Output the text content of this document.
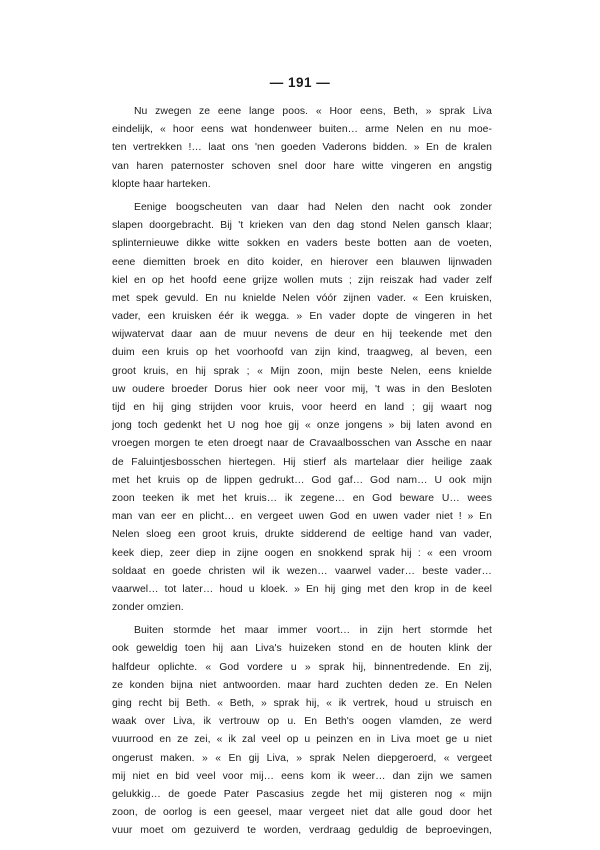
— 191 —
Nu zwegen ze eene lange poos. « Hoor eens, Beth, » sprak Liva
eindelijk, « hoor eens wat hondenweer buiten… arme Nelen en nu moe-
ten vertrekken !… laat ons 'nen goeden Vaderons bidden. » En de kralen
van haren paternoster schoven snel door hare witte vingeren en angstig
klopte haar harteken.
Eenige boogscheuten van daar had Nelen den nacht ook zonder
slapen doorgebracht. Bij 't krieken van den dag stond Nelen gansch klaar;
splinternieuwe dikke witte sokken en vaders beste botten aan de voeten,
eene diemitten broek en dito koider, en hierover een blauwen lijnwaden
kiel en op het hoofd eene grijze wollen muts ; zijn reiszak had vader zelf
met spek gevuld. En nu knielde Nelen vóór zijnen vader. « Een kruisken,
vader, een kruisken éér ik wegga. » En vader dopte de vingeren in het
wijwatervat daar aan de muur nevens de deur en hij teekende met den
duim een kruis op het voorhoofd van zijn kind, traagweg, al beven, een
groot kruis, en hij sprak ; « Mijn zoon, mijn beste Nelen, eens knielde
uw oudere broeder Dorus hier ook neer voor mij, 't was in den Besloten
tijd en hij ging strijden voor kruis, voor heerd en land ; gij waart nog
jong toch gedenkt het U nog hoe gij « onze jongens » bij laten avond en
vroegen morgen te eten droegt naar de Cravaalbosschen van Assche en naar
de Faluintjesbosschen hiertegen. Hij stierf als martelaar dier heilige zaak
met het kruis op de lippen gedrukt… God gaf… God nam… U ook mijn
zoon teeken ik met het kruis… ik zegene… en God beware U… wees
man van eer en plicht… en vergeet uwen God en uwen vader niet ! » En
Nelen sloeg een groot kruis, drukte sidderend de eeltige hand van vader,
keek diep, zeer diep in zijne oogen en snokkend sprak hij : « een vroom
soldaat en goede christen wil ik wezen… vaarwel vader… beste vader…
vaarwel… tot later… houd u kloek. » En hij ging met den krop in de keel
zonder omzien.
Buiten stormde het maar immer voort… in zijn hert stormde het
ook geweldig toen hij aan Liva's huizeken stond en de houten klink der
halfdeur oplichte. « God vordere u » sprak hij, binnentredende. En zij,
ze konden bijna niet antwoorden. maar hard zuchten deden ze. En Nelen
ging recht bij Beth. « Beth, » sprak hij, « ik vertrek, houd u struisch en
waak over Liva, ik vertrouw op u. En Beth's oogen vlamden, ze werd
vuurrood en ze zei, « ik zal veel op u peinzen en in Liva moet ge u niet
ongerust maken. » « En gij Liva, » sprak Nelen diepgeroerd, « vergeet
mij niet en bid veel voor mij… eens kom ik weer… dan zijn we samen
gelukkig… de goede Pater Pascasius zegde het mij gisteren nog « mijn
zoon, de oorlog is een geesel, maar vergeet niet dat alle goud door het
vuur moet om gezuiverd te worden, verdraag geduldig de beproevingen,
